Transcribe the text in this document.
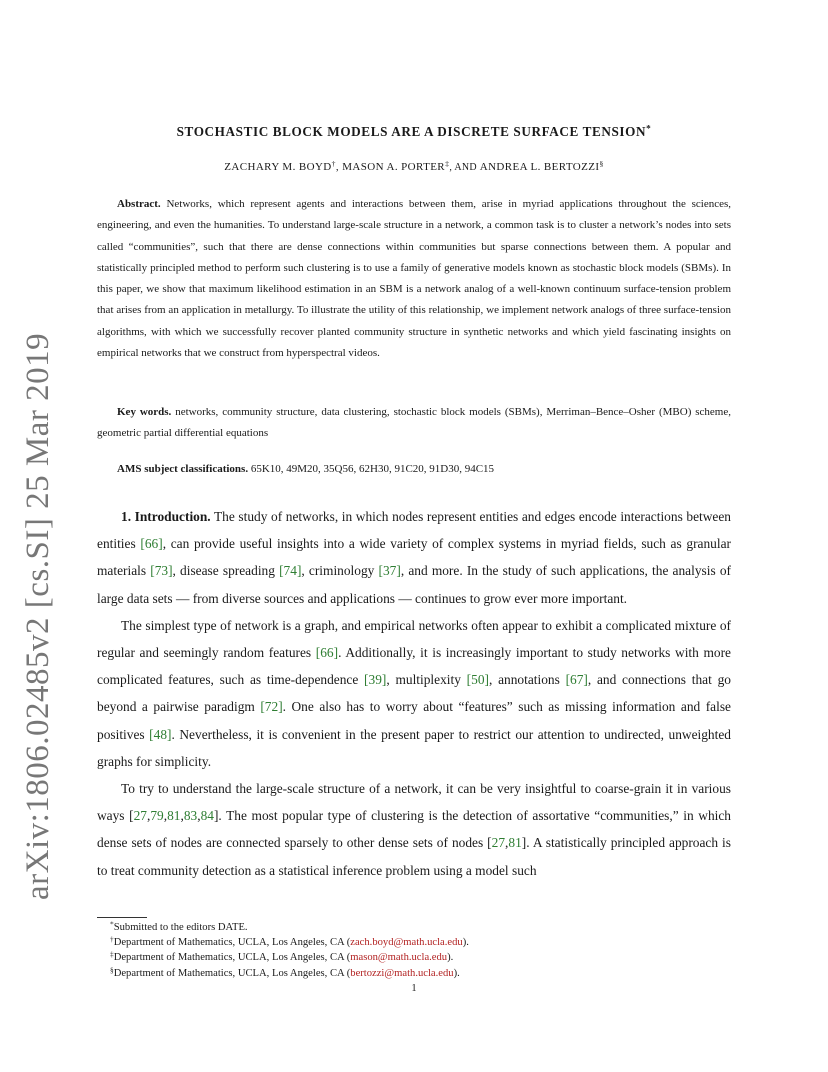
arXiv:1806.02485v2 [cs.SI] 25 Mar 2019
STOCHASTIC BLOCK MODELS ARE A DISCRETE SURFACE TENSION*
ZACHARY M. BOYD†, MASON A. PORTER‡, AND ANDREA L. BERTOZZI§
Abstract. Networks, which represent agents and interactions between them, arise in myriad applications throughout the sciences, engineering, and even the humanities. To understand large-scale structure in a network, a common task is to cluster a network’s nodes into sets called “communities”, such that there are dense connections within communities but sparse connections between them. A popular and statistically principled method to perform such clustering is to use a family of generative models known as stochastic block models (SBMs). In this paper, we show that maximum likelihood estimation in an SBM is a network analog of a well-known continuum surface-tension problem that arises from an application in metallurgy. To illustrate the utility of this relationship, we implement network analogs of three surface-tension algorithms, with which we successfully recover planted community structure in synthetic networks and which yield fascinating insights on empirical networks that we construct from hyperspectral videos.
Key words. networks, community structure, data clustering, stochastic block models (SBMs), Merriman–Bence–Osher (MBO) scheme, geometric partial differential equations
AMS subject classifications. 65K10, 49M20, 35Q56, 62H30, 91C20, 91D30, 94C15

1. Introduction. The study of networks, in which nodes represent entities and edges encode interactions between entities [66], can provide useful insights into a wide variety of complex systems in myriad fields, such as granular materials [73], disease spreading [74], criminology [37], and more. In the study of such applications, the analysis of large data sets — from diverse sources and applications — continues to grow ever more important.

The simplest type of network is a graph, and empirical networks often appear to exhibit a complicated mixture of regular and seemingly random features [66]. Additionally, it is increasingly important to study networks with more complicated features, such as time-dependence [39], multiplexity [50], annotations [67], and connections that go beyond a pairwise paradigm [72]. One also has to worry about “features” such as missing information and false positives [48]. Nevertheless, it is convenient in the present paper to restrict our attention to undirected, unweighted graphs for simplicity.

To try to understand the large-scale structure of a network, it can be very insightful to coarse-grain it in various ways [27,79,81,83,84]. The most popular type of clustering is the detection of assortative “communities,” in which dense sets of nodes are connected sparsely to other dense sets of nodes [27,81]. A statistically principled approach is to treat community detection as a statistical inference problem using a model such

*Submitted to the editors DATE.
†Department of Mathematics, UCLA, Los Angeles, CA (zach.boyd@math.ucla.edu).
‡Department of Mathematics, UCLA, Los Angeles, CA (mason@math.ucla.edu).
§Department of Mathematics, UCLA, Los Angeles, CA (bertozzi@math.ucla.edu).
1
